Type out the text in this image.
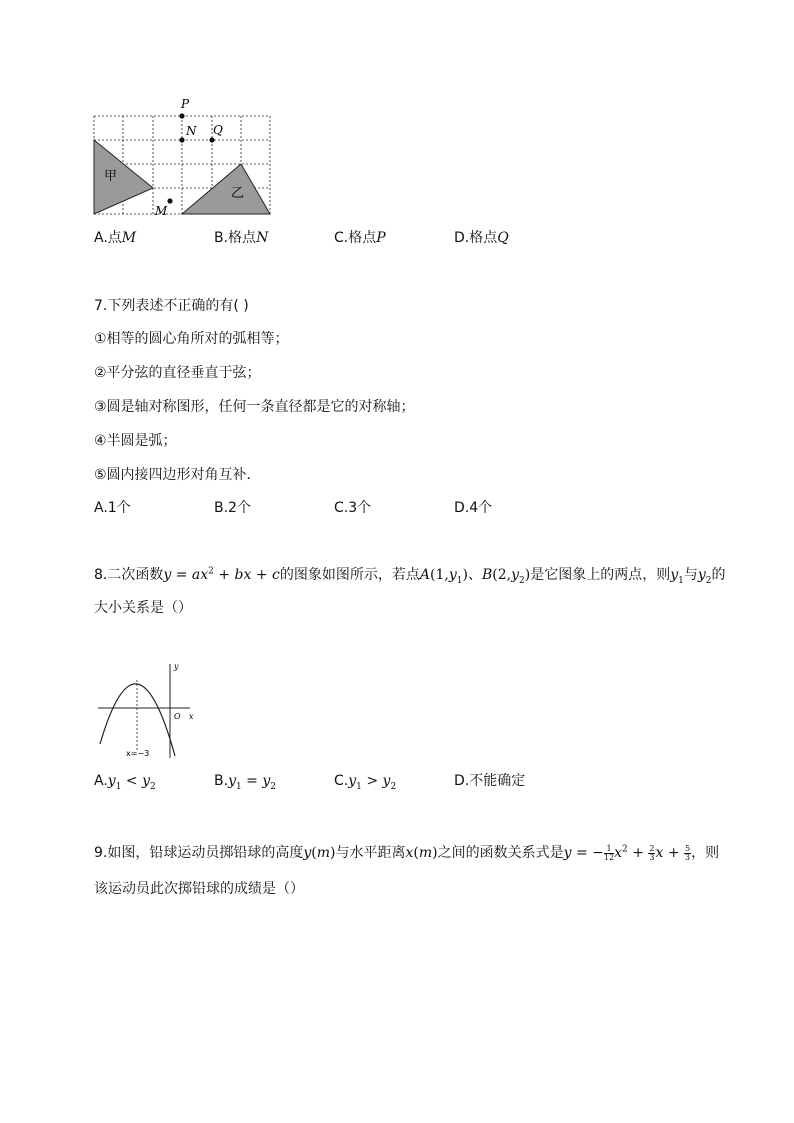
P
N Q
M
甲
乙
A.点M	B.格点N	C.格点P	D.格点Q
7.下列表述不正确的有( )
①相等的圆心角所对的弧相等；
②平分弦的直径垂直于弦；
③圆是轴对称图形，任何一条直径都是它的对称轴；
④半圆是弧；
⑤圆内接四边形对角互补．
A.1个	B.2个	C.3个	D.4个
8.二次函数$y = ax^2$ + bx + c的图象如图所示，若点$A(1,y_1)$、$B(2,y_2)$是它图象上的两点，则$y_1$与$y_2$的
大小关系是（）
y
x
O
x=−3
$A.y_1 < y_2$	$B.y_1 = y_2$	$C.y_1 > y_2$	D.不能确定
9.如图，铅球运动员掷铅球的高度y(m)与水平距离x(m)之间的函数关系式是y = − $\frac{1}{12} x^2 + \frac{2}{3}$ $x + \frac{5}{3}$ ，则
该运动员此次掷铅球的成绩是（）
